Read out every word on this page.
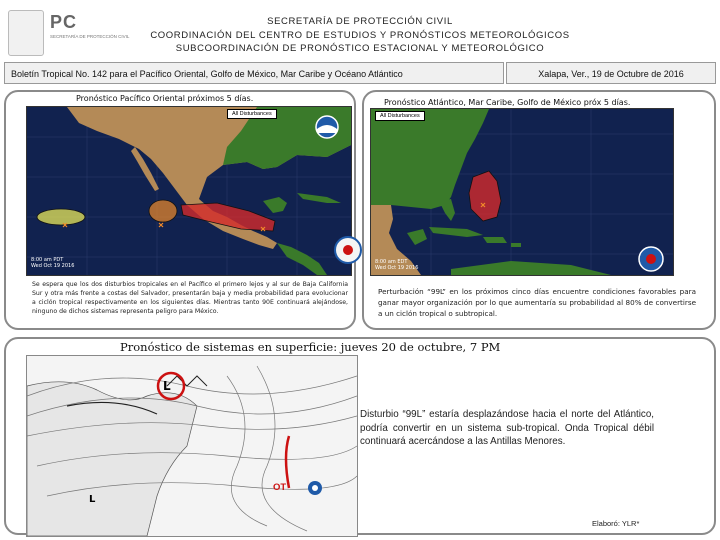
PC
SECRETARÍA DE PROTECCIÓN CIVIL
SECRETARÍA DE PROTECCIÓN CIVIL
COORDINACIÓN DEL CENTRO DE ESTUDIOS Y PRONÓSTICOS METEOROLÓGICOS
SUBCOORDINACIÓN DE PRONÓSTICO ESTACIONAL Y METEOROLÓGICO
Boletín Tropical No. 142 para el Pacífico Oriental, Golfo de México, Mar Caribe y Océano Atlántico	Xalapa, Ver., 19 de Octubre de 2016
Pronóstico Pacífico Oriental próximos 5 días.
All Disturbances
8:00 am PDT
Wed Oct 19 2016
Se espera que los dos disturbios tropicales en el Pacífico el primero lejos y al sur de Baja California Sur y otra más frente a costas del Salvador, presentarán baja y media probabilidad para evolucionar a ciclón tropical respectivamente en los siguientes días. Mientras tanto 90E continuará alejándose, ninguno de dichos sistemas representa peligro para México.
Pronóstico Atlántico, Mar Caribe, Golfo de México próx 5 días.
All Disturbances
8:00 am EDT
Wed Oct 19 2016
Perturbación “99L” en los próximos cinco días encuentre condiciones favorables para ganar mayor organización por lo que aumentaría su probabilidad al 80% de convertirse a un ciclón tropical o subtropical.
Pronóstico de sistemas en superficie: jueves 20 de octubre, 7 PM
L
L
OT
Disturbio “99L” estaría desplazándose hacia el norte del Atlántico, podría convertir en un sistema sub-tropical. Onda Tropical débil continuará acercándose a las Antillas Menores.
Elaboró: YLR*
